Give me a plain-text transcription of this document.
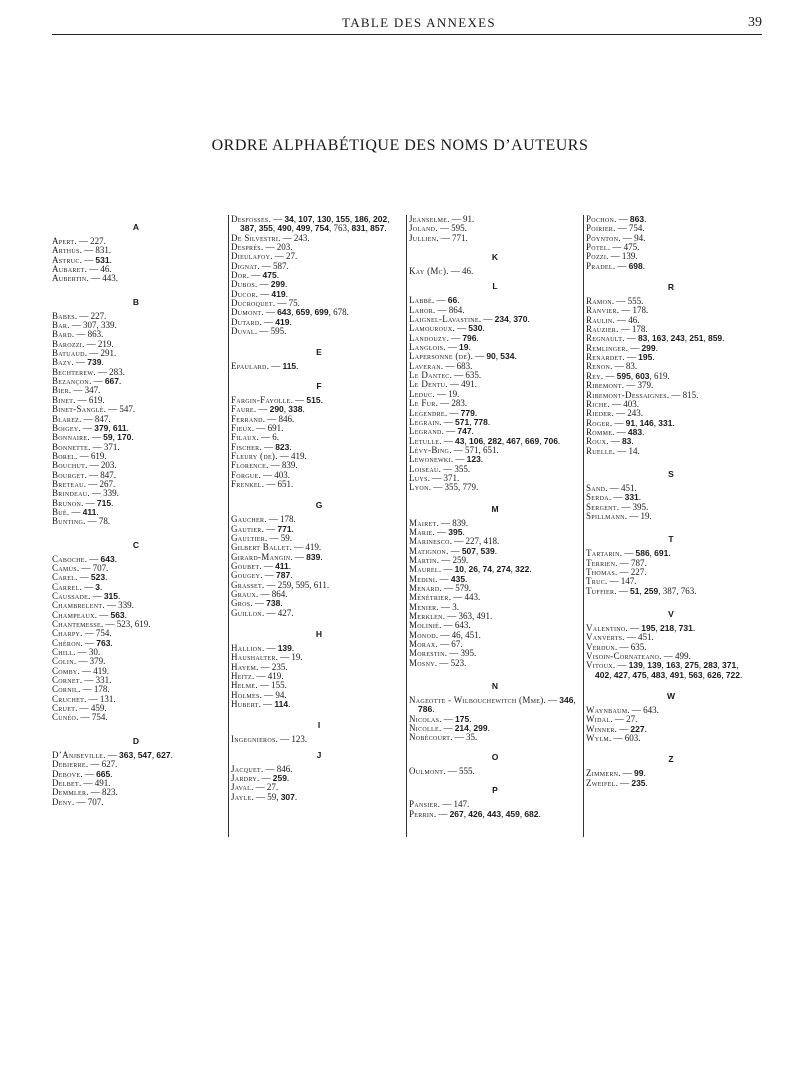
TABLE DES ANNEXES	39
ORDRE ALPHABÉTIQUE DES NOMS D’AUTEURS
A
Apert. — 227.
Arthus. — 831.
Astruc. — 531.
Aubaret. — 46.
Aubertin. — 443.
B
Babes. — 227.
Bar. — 307, 339.
Bard. — 863.
Barozzi. — 219.
Batuaud. — 291.
Bazy. — 739.
Bechterew. — 283.
Bezançon. — 667.
Bier. — 347.
Binet. — 619.
Binet-Sanglé. — 547.
Blarez. — 847.
Boigey. — 379, 611.
Bonnaire. — 59, 170.
Bonnette. — 371.
Borel. — 619.
Bouchut. — 203.
Bourget. — 847.
Breteau. — 267.
Brindeau. — 339.
Brunon. — 715.
Bué. — 411.
Bunting. — 78.
C
Caboche. — 643.
Camus. — 707.
Carel. — 523.
Carrel. — 3.
Caussade. — 315.
Chambrelent. — 339.
Champeaux. — 563.
Chantemesse. — 523, 619.
Charpy. — 754.
Chéron. — 763.
Chill. — 30.
Colin. — 379.
Comby. — 419.
Cornet. — 331.
Cornil. — 178.
Cruchet. — 131.
Cruet. — 459.
Cunéo. — 754.
D
D’Anjbeville. — 363, 547, 627.
Debierre. — 627.
Debove. — 665.
Delbet. — 491.
Demmler. — 823.
Deny. — 707.
Desfosses. — 34, 107, 130, 155, 186, 202, 387, 355, 490, 499, 754, 763, 831, 857.
De Silvestri. — 243.
Després. — 203.
Dieulafoy. — 27.
Dignat. — 587.
Dor. — 475.
Dubos. — 299.
Ducor. — 419.
Ducroquet. — 75.
Dumont. — 643, 659, 699, 678.
Dutard. — 419.
Duval. — 595.
E
Epaulard. — 115.
F
Fargin-Fayolle. — 515.
Faure. — 290, 338.
Ferrand. — 846.
Fieux. — 691.
Filaux. — 6.
Fischer. — 823.
Fleury (de). — 419.
Florence. — 839.
Forgue. — 403.
Frenkel. — 651.
G
Gaucher. — 178.
Gautier. — 771.
Gaultier. — 59.
Gilbert Ballet. — 419.
Girard-Mangin. — 839.
Goubet. — 411.
Gougey. — 787.
Grasset. — 259, 595, 611.
Graux. — 864.
Gros. — 738.
Guillon. — 427.
H
Hallion. — 139.
Haushalter. — 19.
Hayem. — 235.
Heitz. — 419.
Helme. — 155.
Holmes. — 94.
Hubert. — 114.
I
Ingegnieros. — 123.
J
Jacquet. — 846.
Jardry. — 259.
Javal. — 27.
Jayle. — 59, 307.
Jeanselme. — 91.
Joland. — 595.
Jullien. — 771.
K
Kay (Mc). — 46.
L
Labbé. — 66.
Lahor. — 864.
Laignel-Lavastine. — 234, 370.
Lamouroux. — 530.
Landouzy. — 796.
Langlois. — 19.
Lapersonne (de). — 90, 534.
Laveran. — 683.
Le Dantec. — 635.
Le Dentu. — 491.
Leduc. — 19.
Le Fur. — 283.
Legendre. — 779.
Legrain. — 571, 778.
Legrand. — 747.
Letulle. — 43, 106, 282, 467, 669, 706.
Lévy-Bing. — 571, 651.
Lewonewki. — 123.
Loiseau. — 355.
Luys. — 371.
Lyon. — 355, 779.
M
Mairet. — 839.
Marie. — 395.
Marinesco. — 227, 418.
Matignon. — 507, 539.
Martin. — 259.
Maurel. — 10, 26, 74, 274, 322.
Medini. — 435.
Menard. — 579.
Ménétrier. — 443.
Menier. — 3.
Merklen. — 363, 491.
Molinié. — 643.
Monod. — 46, 451.
Morax. — 67.
Morestin. — 395.
Mosny. — 523.
N
Nageotte - Wilbouchewitch (Mme). — 346, 786.
Nicolas. — 175.
Nicolle. — 214, 299.
Nobécourt. — 35.
O
Oulmont. — 555.
P
Pansier. — 147.
Perrin. — 267, 426, 443, 459, 682.
Pochon. — 863.
Poirier. — 754.
Poynton. — 94.
Potel. — 475.
Pozzi. — 139.
Pradel. — 698.
R
Ramon. — 555.
Ranvier. — 178.
Raulin. — 46.
Rauzier. — 178.
Regnault. — 83, 163, 243, 251, 859.
Remlinger. — 299.
Renardet. — 195.
Renon. — 83.
Rey. — 595, 603, 619.
Ribemont. — 379.
Ribemont-Dessaignes. — 815.
Riche. — 403.
Rieder. — 243.
Roger. — 91, 146, 331.
Romme. — 483.
Roux. — 83.
Ruelle. — 14.
S
Sand. — 451.
Serda. — 331.
Sergent. — 395.
Spillmann. — 19.
T
Tartarin. — 586, 691.
Terrien. — 787.
Thomas. — 227.
Truc. — 147.
Tuffier. — 51, 259, 387, 763.
V
Valentino. — 195, 218, 731.
Vanverts. — 451.
Verdun. — 635.
Visoin-Cornateano. — 499.
Vitoux. — 139, 139, 163, 275, 283, 371, 402, 427, 475, 483, 491, 563, 626, 722.
W
Waynbaum. — 643.
Widal. — 27.
Winner. — 227.
Wylm. — 603.
Z
Zimmern. — 99.
Zweifel. — 235.
